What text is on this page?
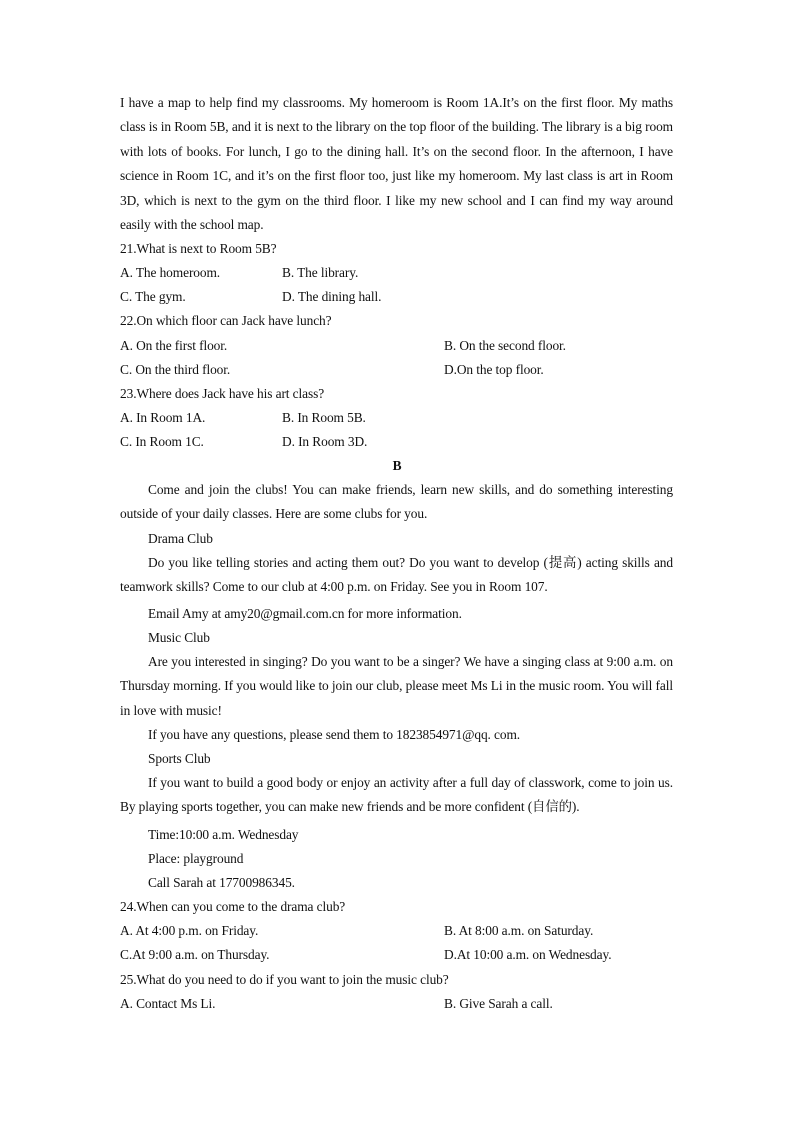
I have a map to help find my classrooms. My homeroom is Room 1A.It’s on the first floor. My maths class is in Room 5B, and it is next to the library on the top floor of the building. The library is a big room with lots of books. For lunch, I go to the dining hall. It’s on the second floor. In the afternoon, I have science in Room 1C, and it’s on the first floor too, just like my homeroom. My last class is art in Room 3D, which is next to the gym on the third floor. I like my new school and I can find my way around easily with the school map.

21.What is next to Room 5B?
A. The homeroom.	B. The library.
C. The gym.	D. The dining hall.
22.On which floor can Jack have lunch?
A. On the first floor.	B. On the second floor.
C. On the third floor.	D.On the top floor.
23.Where does Jack have his art class?
A. In Room 1A.	B. In Room 5B.
C. In Room 1C.	D. In Room 3D.
B

Come and join the clubs! You can make friends, learn new skills, and do something interesting outside of your daily classes. Here are some clubs for you.

Drama Club

Do you like telling stories and acting them out? Do you want to develop (提高) acting skills and teamwork skills? Come to our club at 4:00 p.m. on Friday. See you in Room 107.

Email Amy at amy20@gmail.com.cn for more information.
Music Club

Are you interested in singing? Do you want to be a singer? We have a singing class at 9:00 a.m. on Thursday morning. If you would like to join our club, please meet Ms Li in the music room. You will fall in love with music!

If you have any questions, please send them to 1823854971@qq. com.
Sports Club

If you want to build a good body or enjoy an activity after a full day of classwork, come to join us. By playing sports together, you can make new friends and be more confident (自信的).

Time:10:00 a.m. Wednesday
Place: playground
Call Sarah at 17700986345.
24.When can you come to the drama club?
A. At 4:00 p.m. on Friday.	B. At 8:00 a.m. on Saturday.
C.At 9:00 a.m. on Thursday.	D.At 10:00 a.m. on Wednesday.
25.What do you need to do if you want to join the music club?
A. Contact Ms Li.	B. Give Sarah a call.
